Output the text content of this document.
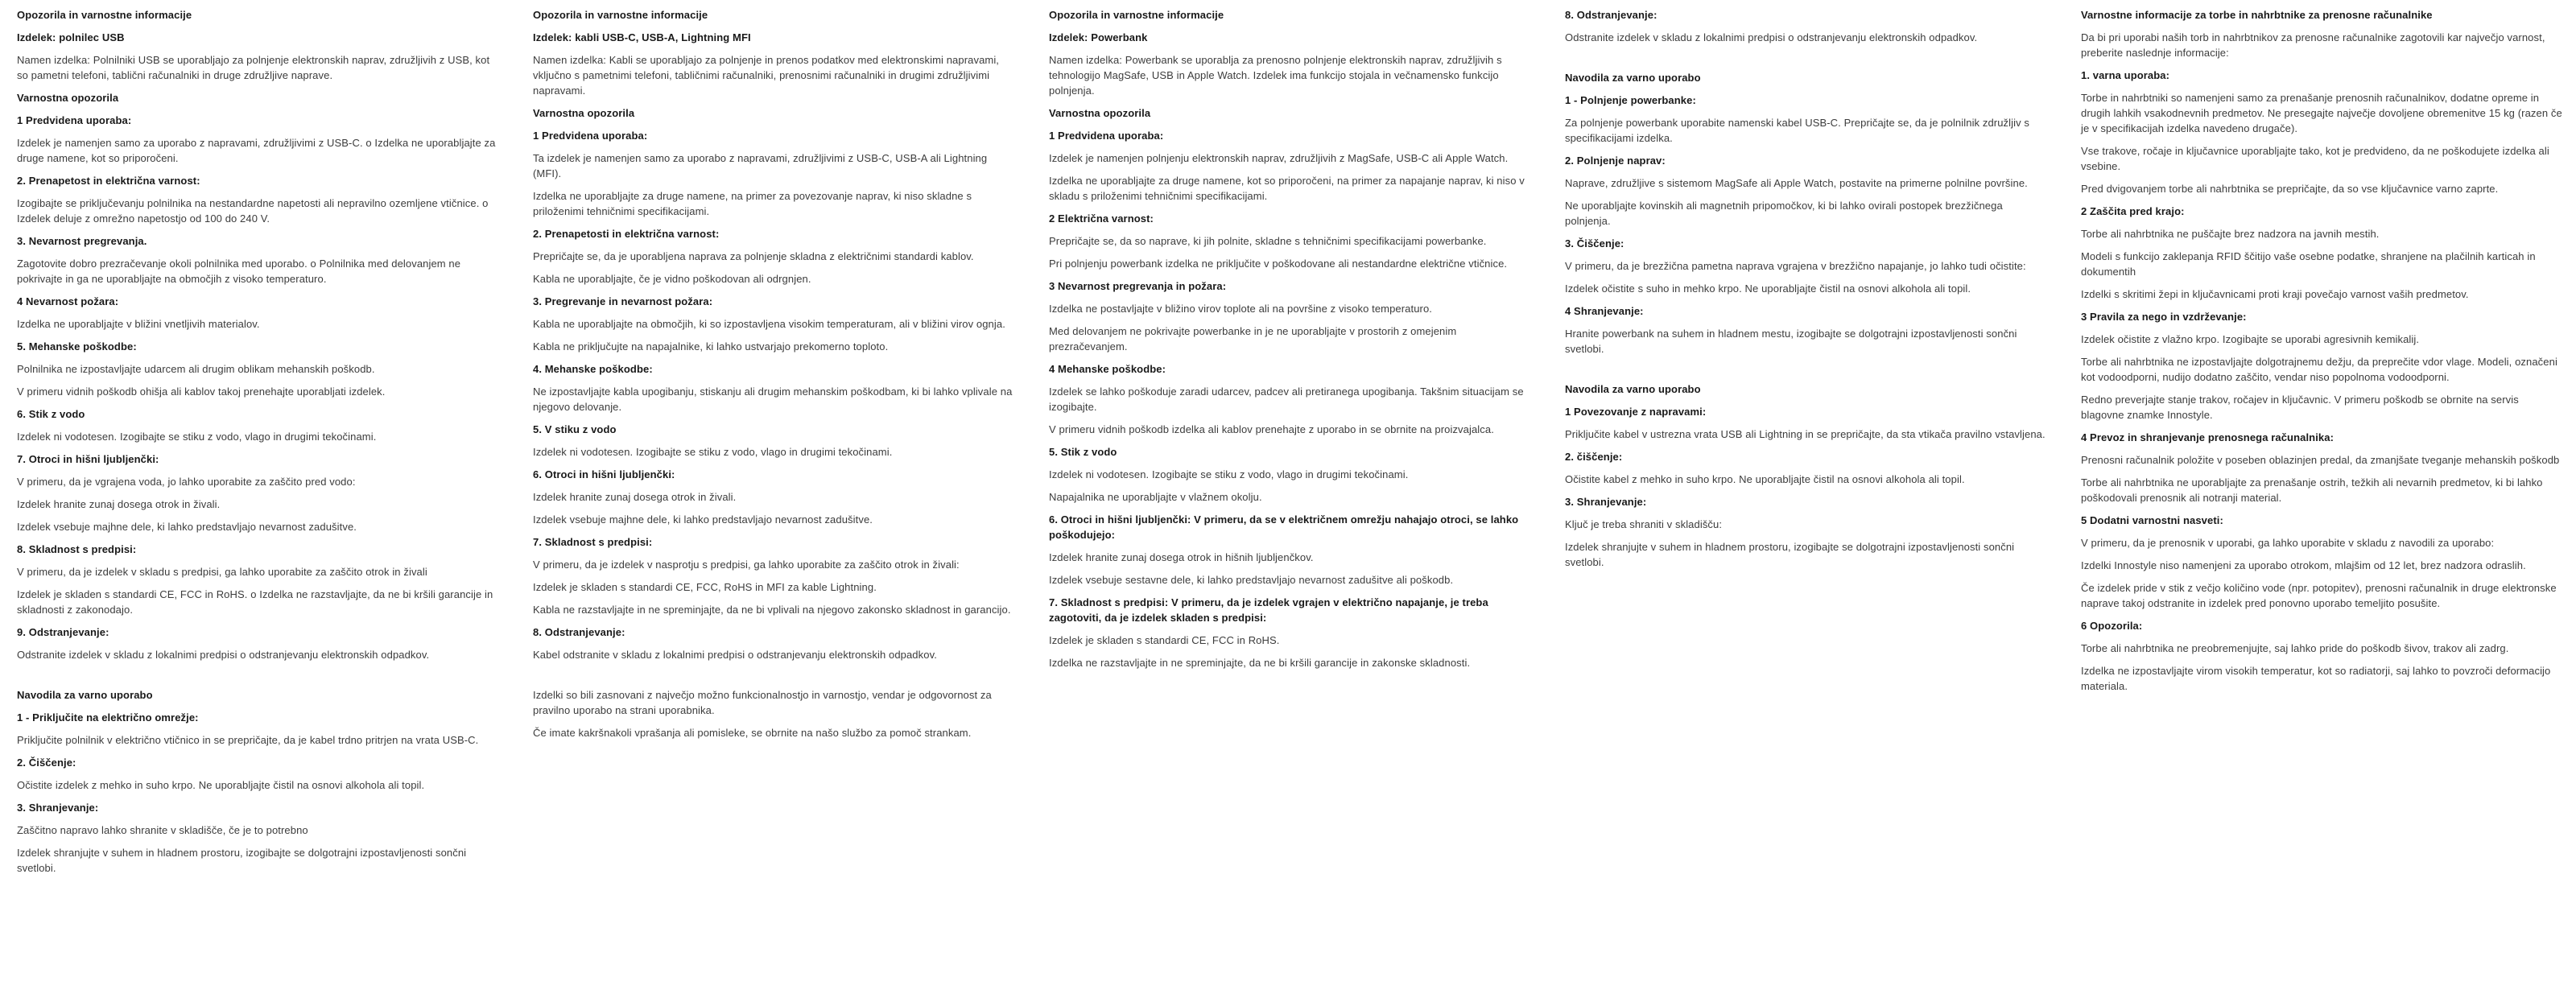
Opozorila in varnostne informacije
Izdelek: polnilec USB
Namen izdelka: Polnilniki USB se uporabljajo za polnjenje elektronskih naprav, združljivih z USB, kot so pametni telefoni, tablični računalniki in druge združljive naprave.
Varnostna opozorila
1 Predvidena uporaba:
Izdelek je namenjen samo za uporabo z napravami, združljivimi z USB-C. o Izdelka ne uporabljajte za druge namene, kot so priporočeni.
2. Prenapetost in električna varnost:
Izogibajte se priključevanju polnilnika na nestandardne napetosti ali nepravilno ozemljene vtičnice. o Izdelek deluje z omrežno napetostjo od 100 do 240 V.
3. Nevarnost pregrevanja.
Zagotovite dobro prezračevanje okoli polnilnika med uporabo. o Polnilnika med delovanjem ne pokrivajte in ga ne uporabljajte na območjih z visoko temperaturo.
4 Nevarnost požara:
Izdelka ne uporabljajte v bližini vnetljivih materialov.
5. Mehanske poškodbe:
Polnilnika ne izpostavljajte udarcem ali drugim oblikam mehanskih poškodb.
V primeru vidnih poškodb ohišja ali kablov takoj prenehajte uporabljati izdelek.
6. Stik z vodo
Izdelek ni vodotesen. Izogibajte se stiku z vodo, vlago in drugimi tekočinami.
7. Otroci in hišni ljubljenčki:
V primeru, da je vgrajena voda, jo lahko uporabite za zaščito pred vodo:
Izdelek hranite zunaj dosega otrok in živali.
Izdelek vsebuje majhne dele, ki lahko predstavljajo nevarnost zadušitve.
8. Skladnost s predpisi:
V primeru, da je izdelek v skladu s predpisi, ga lahko uporabite za zaščito otrok in živali
Izdelek je skladen s standardi CE, FCC in RoHS. o Izdelka ne razstavljajte, da ne bi kršili garancije in skladnosti z zakonodajo.
9. Odstranjevanje:
Odstranite izdelek v skladu z lokalnimi predpisi o odstranjevanju elektronskih odpadkov.
Navodila za varno uporabo
1 - Priključite na električno omrežje:
Priključite polnilnik v električno vtičnico in se prepričajte, da je kabel trdno pritrjen na vrata USB-C.
2. Čiščenje:
Očistite izdelek z mehko in suho krpo. Ne uporabljajte čistil na osnovi alkohola ali topil.
3. Shranjevanje:
Zaščitno napravo lahko shranite v skladišče, če je to potrebno
Izdelek shranjujte v suhem in hladnem prostoru, izogibajte se dolgotrajni izpostavljenosti sončni svetlobi.
Opozorila in varnostne informacije
Izdelek: kabli USB-C, USB-A, Lightning MFI
Namen izdelka: Kabli se uporabljajo za polnjenje in prenos podatkov med elektronskimi napravami, vključno s pametnimi telefoni, tabličnimi računalniki, prenosnimi računalniki in drugimi združljivimi napravami.
Varnostna opozorila
1 Predvidena uporaba:
Ta izdelek je namenjen samo za uporabo z napravami, združljivimi z USB-C, USB-A ali Lightning (MFI).
Izdelka ne uporabljajte za druge namene, na primer za povezovanje naprav, ki niso skladne s priloženimi tehničnimi specifikacijami.
2. Prenapetosti in električna varnost:
Prepričajte se, da je uporabljena naprava za polnjenje skladna z električnimi standardi kablov.
Kabla ne uporabljajte, če je vidno poškodovan ali odrgnjen.
3. Pregrevanje in nevarnost požara:
Kabla ne uporabljajte na območjih, ki so izpostavljena visokim temperaturam, ali v bližini virov ognja.
Kabla ne priključujte na napajalnike, ki lahko ustvarjajo prekomerno toploto.
4. Mehanske poškodbe:
Ne izpostavljajte kabla upogibanju, stiskanju ali drugim mehanskim poškodbam, ki bi lahko vplivale na njegovo delovanje.
5. V stiku z vodo
Izdelek ni vodotesen. Izogibajte se stiku z vodo, vlago in drugimi tekočinami.
6. Otroci in hišni ljubljenčki:
Izdelek hranite zunaj dosega otrok in živali.
Izdelek vsebuje majhne dele, ki lahko predstavljajo nevarnost zadušitve.
7. Skladnost s predpisi:
V primeru, da je izdelek v nasprotju s predpisi, ga lahko uporabite za zaščito otrok in živali:
Izdelek je skladen s standardi CE, FCC, RoHS in MFI za kable Lightning.
Kabla ne razstavljajte in ne spreminjajte, da ne bi vplivali na njegovo zakonsko skladnost in garancijo.
8. Odstranjevanje:
Kabel odstranite v skladu z lokalnimi predpisi o odstranjevanju elektronskih odpadkov.
Izdelki so bili zasnovani z največjo možno funkcionalnostjo in varnostjo, vendar je odgovornost za pravilno uporabo na strani uporabnika.
Če imate kakršnakoli vprašanja ali pomisleke, se obrnite na našo službo za pomoč strankam.
Opozorila in varnostne informacije
Izdelek: Powerbank
Namen izdelka: Powerbank se uporablja za prenosno polnjenje elektronskih naprav, združljivih s tehnologijo MagSafe, USB in Apple Watch. Izdelek ima funkcijo stojala in večnamensko funkcijo polnjenja.
Varnostna opozorila
1 Predvidena uporaba:
Izdelek je namenjen polnjenju elektronskih naprav, združljivih z MagSafe, USB-C ali Apple Watch.
Izdelka ne uporabljajte za druge namene, kot so priporočeni, na primer za napajanje naprav, ki niso v skladu s priloženimi tehničnimi specifikacijami.
2 Električna varnost:
Prepričajte se, da so naprave, ki jih polnite, skladne s tehničnimi specifikacijami powerbanke.
Pri polnjenju powerbank izdelka ne priključite v poškodovane ali nestandardne električne vtičnice.
3 Nevarnost pregrevanja in požara:
Izdelka ne postavljajte v bližino virov toplote ali na površine z visoko temperaturo.
Med delovanjem ne pokrivajte powerbanke in je ne uporabljajte v prostorih z omejenim prezračevanjem.
4 Mehanske poškodbe:
Izdelek se lahko poškoduje zaradi udarcev, padcev ali pretiranega upogibanja. Takšnim situacijam se izogibajte.
V primeru vidnih poškodb izdelka ali kablov prenehajte z uporabo in se obrnite na proizvajalca.
5. Stik z vodo
Izdelek ni vodotesen. Izogibajte se stiku z vodo, vlago in drugimi tekočinami.
Napajalnika ne uporabljajte v vlažnem okolju.
6. Otroci in hišni ljubljenčki: V primeru, da se v električnem omrežju nahajajo otroci, se lahko poškodujejo:
Izdelek hranite zunaj dosega otrok in hišnih ljubljenčkov.
Izdelek vsebuje sestavne dele, ki lahko predstavljajo nevarnost zadušitve ali poškodb.
7. Skladnost s predpisi: V primeru, da je izdelek vgrajen v električno napajanje, je treba zagotoviti, da je izdelek skladen s predpisi:
Izdelek je skladen s standardi CE, FCC in RoHS.
Izdelka ne razstavljajte in ne spreminjajte, da ne bi kršili garancije in zakonske skladnosti.
8. Odstranjevanje:
Odstranite izdelek v skladu z lokalnimi predpisi o odstranjevanju elektronskih odpadkov.
Navodila za varno uporabo
1 - Polnjenje powerbanke:
Za polnjenje powerbank uporabite namenski kabel USB-C. Prepričajte se, da je polnilnik združljiv s specifikacijami izdelka.
2. Polnjenje naprav:
Naprave, združljive s sistemom MagSafe ali Apple Watch, postavite na primerne polnilne površine.
Ne uporabljajte kovinskih ali magnetnih pripomočkov, ki bi lahko ovirali postopek brezžičnega polnjenja.
3. Čiščenje:
V primeru, da je brezžična pametna naprava vgrajena v brezžično napajanje, jo lahko tudi očistite:
Izdelek očistite s suho in mehko krpo. Ne uporabljajte čistil na osnovi alkohola ali topil.
4 Shranjevanje:
Hranite powerbank na suhem in hladnem mestu, izogibajte se dolgotrajni izpostavljenosti sončni svetlobi.
Navodila za varno uporabo
1 Povezovanje z napravami:
Priključite kabel v ustrezna vrata USB ali Lightning in se prepričajte, da sta vtikača pravilno vstavljena.
2. čiščenje:
Očistite kabel z mehko in suho krpo. Ne uporabljajte čistil na osnovi alkohola ali topil.
3. Shranjevanje:
Ključ je treba shraniti v skladišču:
Izdelek shranjujte v suhem in hladnem prostoru, izogibajte se dolgotrajni izpostavljenosti sončni svetlobi.
Varnostne informacije za torbe in nahrbtnike za prenosne računalnike
Da bi pri uporabi naših torb in nahrbtnikov za prenosne računalnike zagotovili kar največjo varnost, preberite naslednje informacije:
1. varna uporaba:
Torbe in nahrbtniki so namenjeni samo za prenašanje prenosnih računalnikov, dodatne opreme in drugih lahkih vsakodnevnih predmetov. Ne presegajte največje dovoljene obremenitve 15 kg (razen če je v specifikacijah izdelka navedeno drugače).
Vse trakove, ročaje in ključavnice uporabljajte tako, kot je predvideno, da ne poškodujete izdelka ali vsebine.
Pred dvigovanjem torbe ali nahrbtnika se prepričajte, da so vse ključavnice varno zaprte.
2 Zaščita pred krajo:
Torbe ali nahrbtnika ne puščajte brez nadzora na javnih mestih.
Modeli s funkcijo zaklepanja RFID ščitijo vaše osebne podatke, shranjene na plačilnih karticah in dokumentih
Izdelki s skritimi žepi in ključavnicami proti kraji povečajo varnost vaših predmetov.
3 Pravila za nego in vzdrževanje:
Izdelek očistite z vlažno krpo. Izogibajte se uporabi agresivnih kemikalij.
Torbe ali nahrbtnika ne izpostavljajte dolgotrajnemu dežju, da preprečite vdor vlage. Modeli, označeni kot vodoodporni, nudijo dodatno zaščito, vendar niso popolnoma vodoodporni.
Redno preverjajte stanje trakov, ročajev in ključavnic. V primeru poškodb se obrnite na servis blagovne znamke Innostyle.
4 Prevoz in shranjevanje prenosnega računalnika:
Prenosni računalnik položite v poseben oblazinjen predal, da zmanjšate tveganje mehanskih poškodb
Torbe ali nahrbtnika ne uporabljajte za prenašanje ostrih, težkih ali nevarnih predmetov, ki bi lahko poškodovali prenosnik ali notranji material.
5 Dodatni varnostni nasveti:
V primeru, da je prenosnik v uporabi, ga lahko uporabite v skladu z navodili za uporabo:
Izdelki Innostyle niso namenjeni za uporabo otrokom, mlajšim od 12 let, brez nadzora odraslih.
Če izdelek pride v stik z večjo količino vode (npr. potopitev), prenosni računalnik in druge elektronske naprave takoj odstranite in izdelek pred ponovno uporabo temeljito posušite.
6 Opozorila:
Torbe ali nahrbtnika ne preobremenjujte, saj lahko pride do poškodb šivov, trakov ali zadrg.
Izdelka ne izpostavljajte virom visokih temperatur, kot so radiatorji, saj lahko to povzroči deformacijo materiala.
